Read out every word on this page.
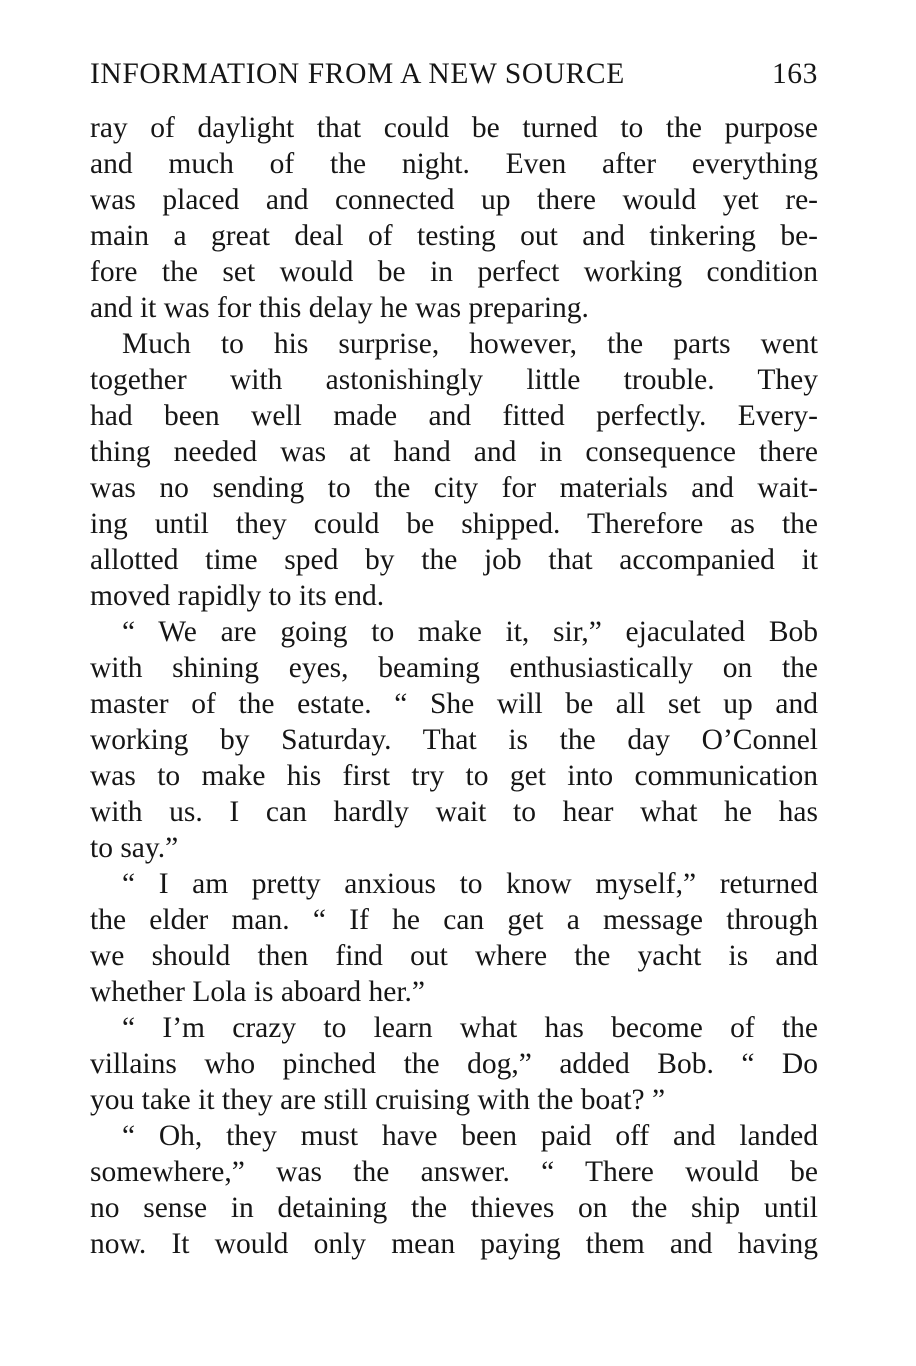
INFORMATION FROM A NEW SOURCE	163
ray of daylight that could be turned to the purpose
and much of the night. Even after everything
was placed and connected up there would yet re-
main a great deal of testing out and tinkering be-
fore the set would be in perfect working condition
and it was for this delay he was preparing.
Much to his surprise, however, the parts went
together with astonishingly little trouble. They
had been well made and fitted perfectly. Every-
thing needed was at hand and in consequence there
was no sending to the city for materials and wait-
ing until they could be shipped. Therefore as the
allotted time sped by the job that accompanied it
moved rapidly to its end.
“ We are going to make it, sir,” ejaculated Bob
with shining eyes, beaming enthusiastically on the
master of the estate. “ She will be all set up and
working by Saturday. That is the day O’Connel
was to make his first try to get into communication
with us. I can hardly wait to hear what he has
to say.”
“ I am pretty anxious to know myself,” returned
the elder man. “ If he can get a message through
we should then find out where the yacht is and
whether Lola is aboard her.”
“ I’m crazy to learn what has become of the
villains who pinched the dog,” added Bob. “ Do
you take it they are still cruising with the boat? ”
“ Oh, they must have been paid off and landed
somewhere,” was the answer. “ There would be
no sense in detaining the thieves on the ship until
now. It would only mean paying them and having
